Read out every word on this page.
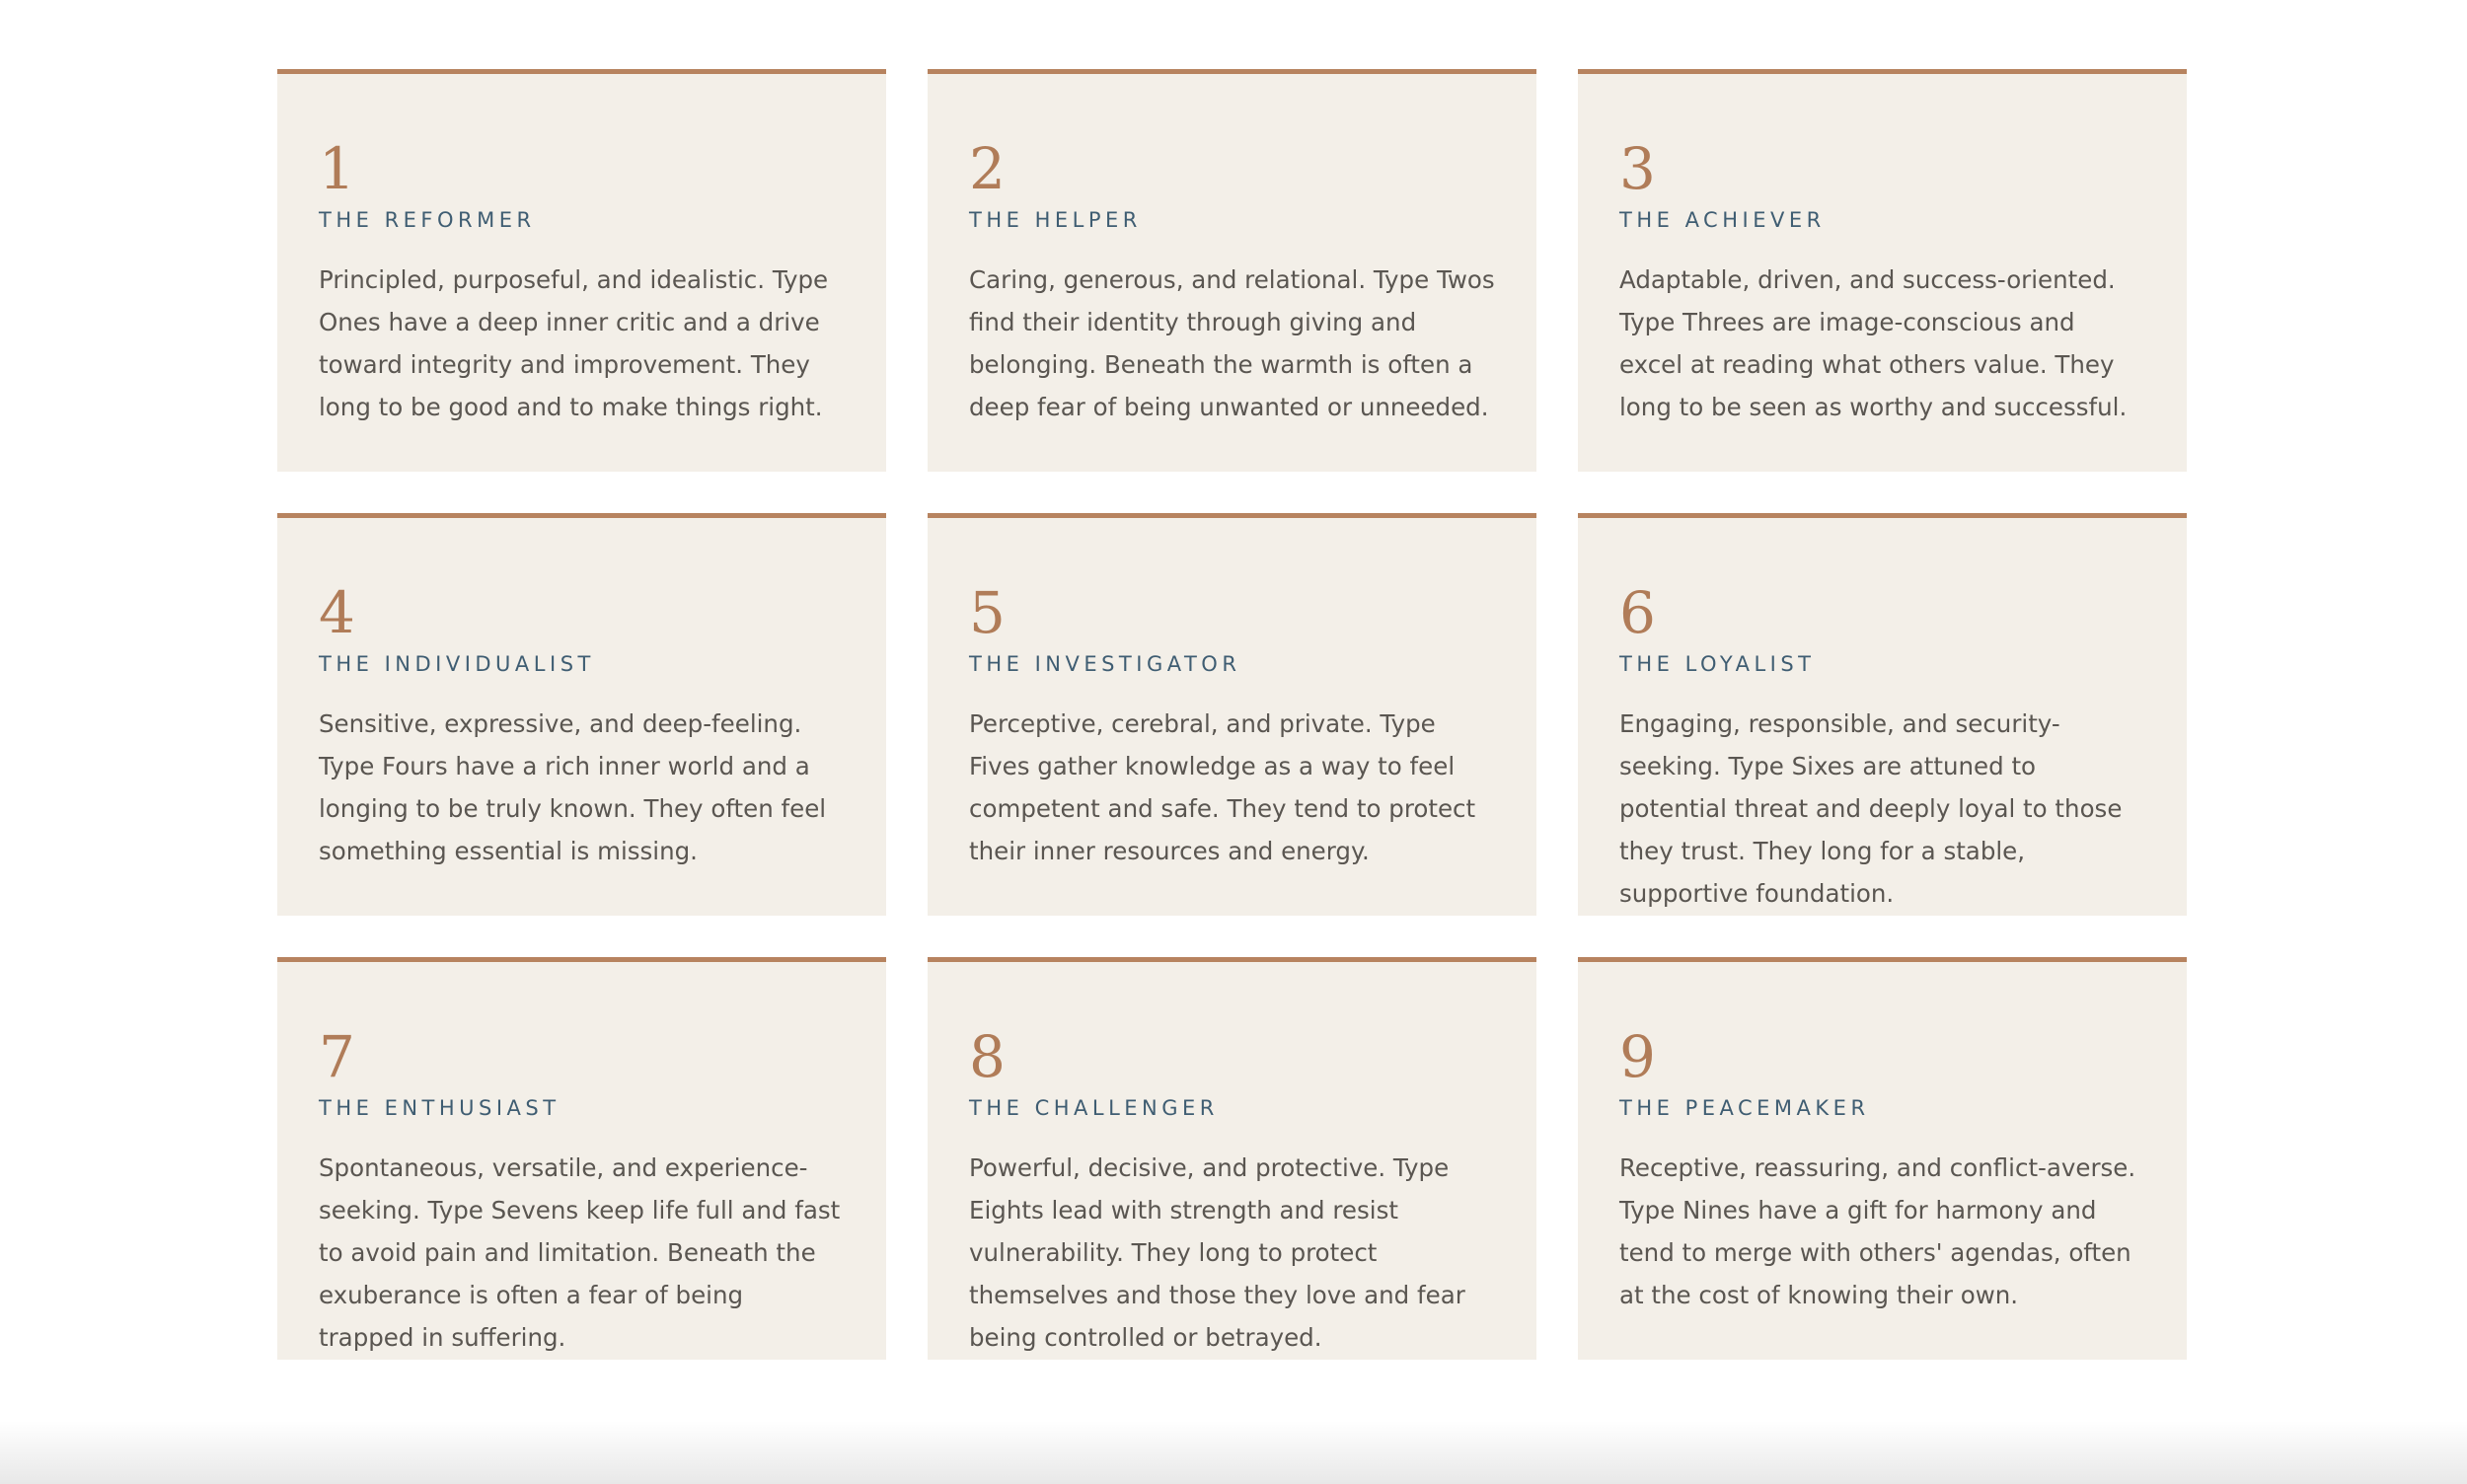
1
THE REFORMER

Principled, purposeful, and idealistic. Type Ones have a deep inner critic and a drive toward integrity and improvement. They long to be good and to make things right.

2
THE HELPER

Caring, generous, and relational. Type Twos find their identity through giving and belonging. Beneath the warmth is often a deep fear of being unwanted or unneeded.

3
THE ACHIEVER

Adaptable, driven, and success-oriented. Type Threes are image-conscious and excel at reading what others value. They long to be seen as worthy and successful.

4
THE INDIVIDUALIST

Sensitive, expressive, and deep-feeling. Type Fours have a rich inner world and a longing to be truly known. They often feel something essential is missing.

5
THE INVESTIGATOR

Perceptive, cerebral, and private. Type Fives gather knowledge as a way to feel competent and safe. They tend to protect their inner resources and energy.

6
THE LOYALIST

Engaging, responsible, and security-seeking. Type Sixes are attuned to potential threat and deeply loyal to those they trust. They long for a stable, supportive foundation.

7
THE ENTHUSIAST

Spontaneous, versatile, and experience-seeking. Type Sevens keep life full and fast to avoid pain and limitation. Beneath the exuberance is often a fear of being trapped in suffering.

8
THE CHALLENGER

Powerful, decisive, and protective. Type Eights lead with strength and resist vulnerability. They long to protect themselves and those they love and fear being controlled or betrayed.

9
THE PEACEMAKER

Receptive, reassuring, and conflict-averse. Type Nines have a gift for harmony and tend to merge with others' agendas, often at the cost of knowing their own.
